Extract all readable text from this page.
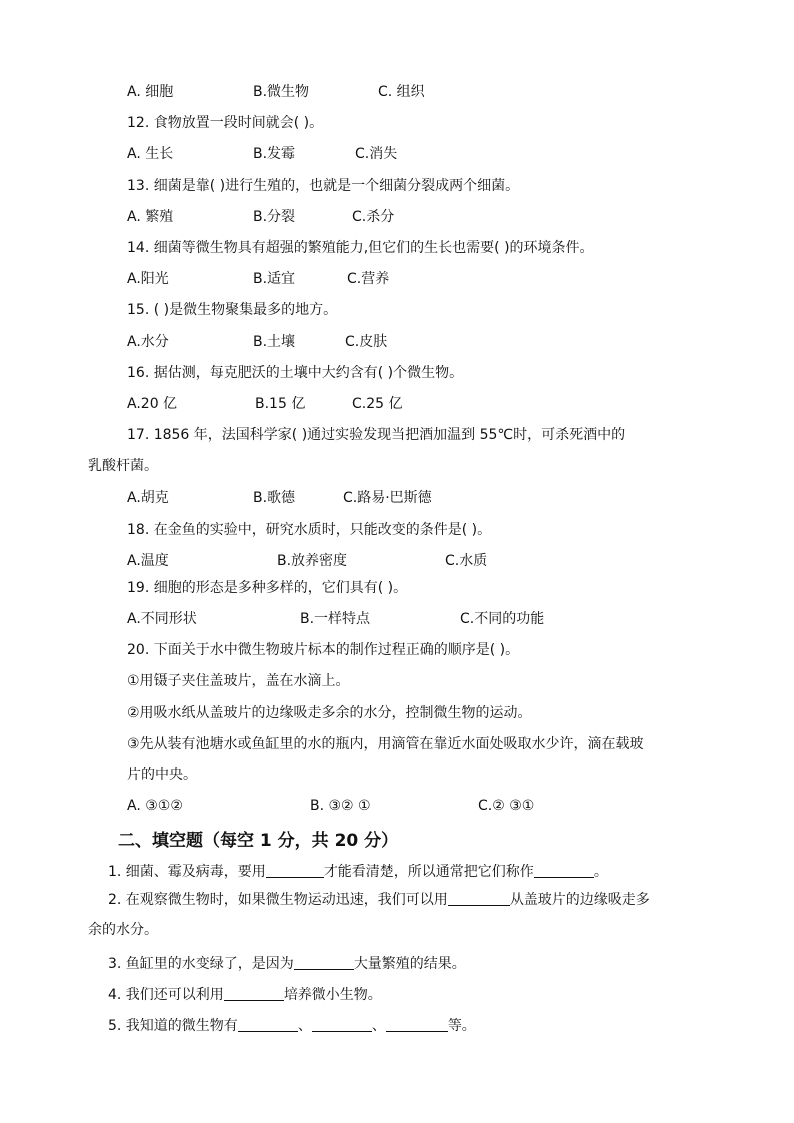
A. 细胞	B.微生物	C. 组织
12. 食物放置一段时间就会( )。
A. 生长	B.发霉	C.消失
13. 细菌是靠( )进行生殖的，也就是一个细菌分裂成两个细菌。
A. 繁殖	B.分裂	C.杀分
14. 细菌等微生物具有超强的繁殖能力,但它们的生长也需要( )的环境条件。
A.阳光	B.适宜	C.营养
15. ( )是微生物聚集最多的地方。
A.水分	B.土壤	C.皮肤
16. 据估测，每克肥沃的土壤中大约含有( )个微生物。
A.20 亿	B.15 亿	C.25 亿
17. 1856 年，法国科学家( )通过实验发现当把酒加温到 55℃时，可杀死酒中的
乳酸杆菌。
A.胡克	B.歌德	C.路易·巴斯德
18. 在金鱼的实验中，研究水质时，只能改变的条件是( )。
A.温度	B.放养密度	C.水质
19. 细胞的形态是多种多样的，它们具有( )。
A.不同形状	B.一样特点	C.不同的功能
20. 下面关于水中微生物玻片标本的制作过程正确的顺序是( )。
①用镊子夹住盖玻片，盖在水滴上。
②用吸水纸从盖玻片的边缘吸走多余的水分，控制微生物的运动。
③先从装有池塘水或鱼缸里的水的瓶内，用滴管在靠近水面处吸取水少许，滴在载玻
片的中央。
A. ③①②	B. ③② ①	C.② ③①
二、填空题（每空 1 分，共 20 分）
1. 细菌、霉及病毒，要用	才能看清楚，所以通常把它们称作	。
2. 在观察微生物时，如果微生物运动迅速，我们可以用	从盖玻片的边缘吸走多
余的水分。
3. 鱼缸里的水变绿了，是因为	大量繁殖的结果。
4. 我们还可以利用	培养微小生物。
5. 我知道的微生物有	、	、	等。
